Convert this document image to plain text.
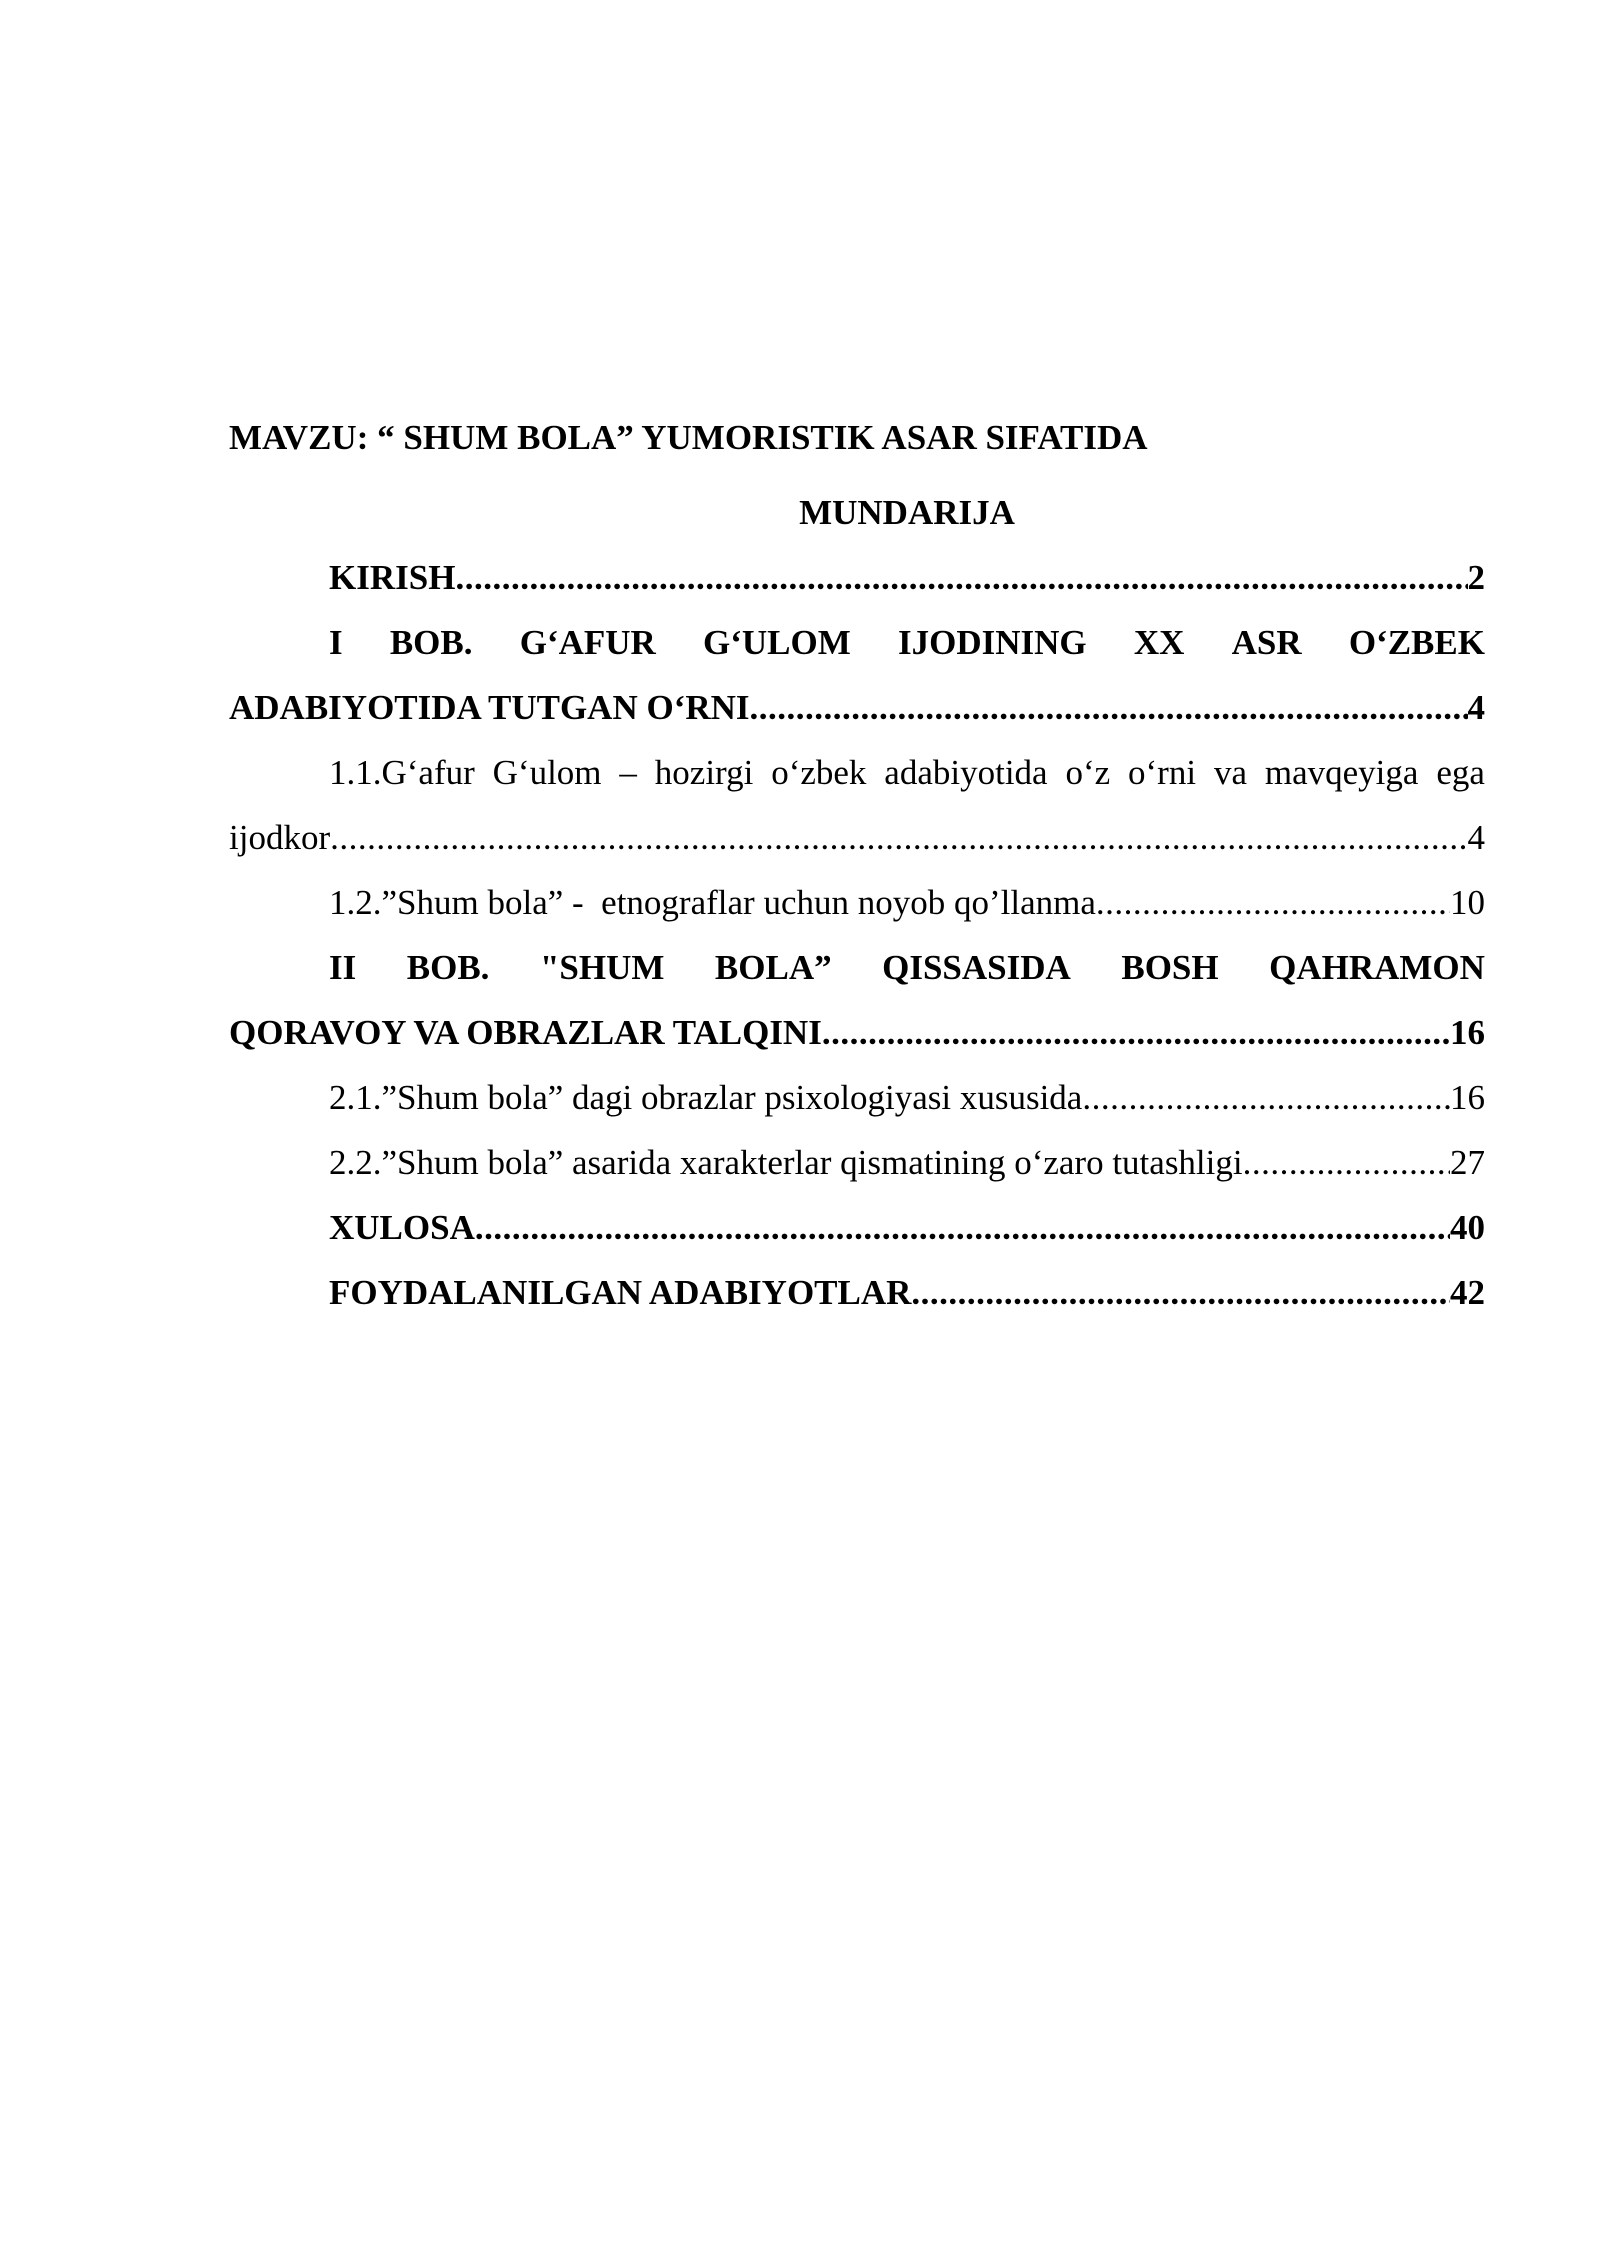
MAVZU: “ SHUM BOLA” YUMORISTIK ASAR SIFATIDA
MUNDARIJA
KIRISH .....	2
I BOB. G‘AFUR G‘ULOM IJODINING XX ASR O‘ZBEK
ADABIYOTIDA TUTGAN O‘RNI .....	4
1.1.G‘afur G‘ulom – hozirgi o‘zbek adabiyotida o‘z o‘rni va mavqeyiga ega
ijodkor .....	4
1.2.”Shum bola” -  etnograflar uchun noyob qo’llanma .....	10
II BOB. "SHUM BOLA” QISSASIDA BOSH QAHRAMON
QORAVOY VA OBRAZLAR TALQINI .....	16
2.1.”Shum bola” dagi obrazlar psixologiyasi xususida .....	16
2.2.”Shum bola” asarida xarakterlar qismatining o‘zaro tutashligi .....	27
XULOSA .....	40
FOYDALANILGAN ADABIYOTLAR .....	42
